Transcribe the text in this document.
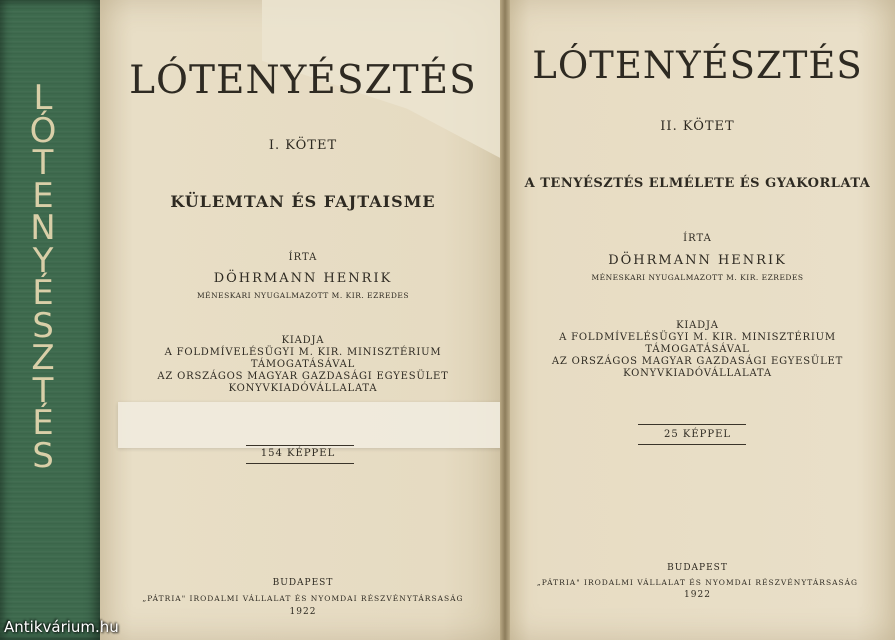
L
Ó
T
E
N
Y
É
S
Z
T
É
S
LÓTENYÉSZTÉS
I. KÖTET
KÜLEMTAN ÉS FAJTAISME
ÍRTA
DÖHRMANN HENRIK
MÉNESKARI NYUGALMAZOTT M. KIR. EZREDES
KIADJA
A FOLDMÍVELÉSÜGYI M. KIR. MINISZTÉRIUM
TÁMOGATÁSÁVAL
AZ ORSZÁGOS MAGYAR GAZDASÁGI EGYESÜLET
KONYVKIADÓVÁLLALATA
154 KÉPPEL
BUDAPEST
„PÁTRIA" IRODALMI VÁLLALAT ÉS NYOMDAI RÉSZVÉNYTÁRSASÁG
1922
LÓTENYÉSZTÉS
II. KÖTET
A TENYÉSZTÉS ELMÉLETE ÉS GYAKORLATA
ÍRTA
DÖHRMANN HENRIK
MÉNESKARI NYUGALMAZOTT M. KIR. EZREDES
KIADJA
A FOLDMÍVELÉSÜGYI M. KIR. MINISZTÉRIUM
TÁMOGATÁSÁVAL
AZ ORSZÁGOS MAGYAR GAZDASÁGI EGYESÜLET
KONYVKIADÓVÁLLALATA
25 KÉPPEL
BUDAPEST
„PÁTRIA" IRODALMI VÁLLALAT ÉS NYOMDAI RÉSZVÉNYTÁRSASÁG
1922
Antikvárium.hu
